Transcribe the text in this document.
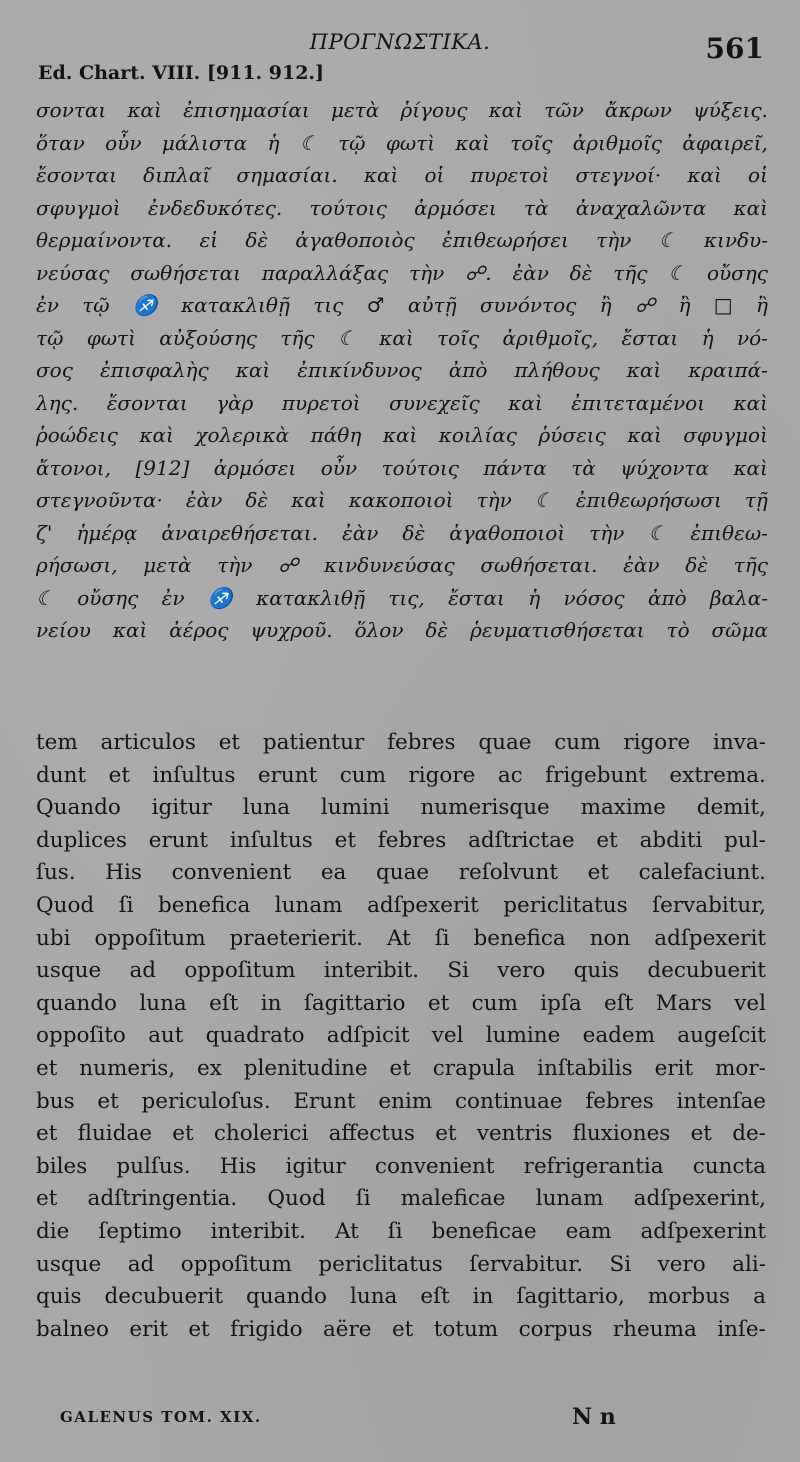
ΠΡΟΓΝΩΣΤΙΚΑ.	561
Ed. Chart. VIII. [911. 912.]
σονται καὶ ἐπισημασίαι μετὰ ῥίγους καὶ τῶν ἄκρων ψύξεις.
ὅταν οὖν μάλιστα ἡ ☾ τῷ φωτὶ καὶ τοῖς ἀριθμοῖς ἀφαιρεῖ,
ἔσονται διπλαῖ σημασίαι. καὶ οἱ πυρετοὶ στεγνοί· καὶ οἱ
σφυγμοὶ ἐνδεδυκότες. τούτοις ἁρμόσει τὰ ἀναχαλῶντα καὶ
θερμαίνοντα. εἰ δὲ ἀγαθοποιὸς ἐπιθεωρήσει τὴν ☾ κινδυ-
νεύσας σωθήσεται παραλλάξας τὴν ☍. ἐὰν δὲ τῆς ☾ οὔσης
ἐν τῷ ♐ κατακλιθῇ τις ♂ αὐτῇ συνόντος ἢ ☍ ἢ □ ἢ
τῷ φωτὶ αὐξούσης τῆς ☾ καὶ τοῖς ἀριθμοῖς, ἔσται ἡ νό-
σος ἐπισφαλὴς καὶ ἐπικίνδυνος ἀπὸ πλήθους καὶ κραιπά-
λης. ἔσονται γὰρ πυρετοὶ συνεχεῖς καὶ ἐπιτεταμένοι καὶ
ῥοώδεις καὶ χολερικὰ πάθη καὶ κοιλίας ῥύσεις καὶ σφυγμοὶ
ἄτονοι, [912] ἁρμόσει οὖν τούτοις πάντα τὰ ψύχοντα καὶ
στεγνοῦντα· ἐὰν δὲ καὶ κακοποιοὶ τὴν ☾ ἐπιθεωρήσωσι τῇ
ζ' ἡμέρᾳ ἀναιρεθήσεται. ἐὰν δὲ ἀγαθοποιοὶ τὴν ☾ ἐπιθεω-
ρήσωσι, μετὰ τὴν ☍ κινδυνεύσας σωθήσεται. ἐὰν δὲ τῆς
☾ οὔσης ἐν ♐ κατακλιθῇ τις, ἔσται ἡ νόσος ἀπὸ βαλα-
νείου καὶ ἀέρος ψυχροῦ. ὅλον δὲ ῥευματισθήσεται τὸ σῶμα
tem articulos et patientur febres quae cum rigore inva-
dunt et inſultus erunt cum rigore ac frigebunt extrema.
Quando igitur luna lumini numerisque maxime demit,
duplices erunt inſultus et febres adſtrictae et abditi pul-
ſus. His convenient ea quae reſolvunt et calefaciunt.
Quod ſi benefica lunam adſpexerit periclitatus ſervabitur,
ubi oppoſitum praeterierit. At ſi benefica non adſpexerit
usque ad oppoſitum interibit. Si vero quis decubuerit
quando luna eſt in ſagittario et cum ipſa eſt Mars vel
oppoſito aut quadrato adſpicit vel lumine eadem augeſcit
et numeris, ex plenitudine et crapula inſtabilis erit mor-
bus et periculoſus. Erunt enim continuae febres intenſae
et fluidae et cholerici affectus et ventris fluxiones et de-
biles pulſus. His igitur convenient refrigerantia cuncta
et adſtringentia. Quod ſi maleficae lunam adſpexerint,
die ſeptimo interibit. At ſi beneficae eam adſpexerint
usque ad oppoſitum periclitatus ſervabitur. Si vero ali-
quis decubuerit quando luna eſt in ſagittario, morbus a
balneo erit et frigido aëre et totum corpus rheuma inſe-
GALENUS TOM. XIX.	N n
